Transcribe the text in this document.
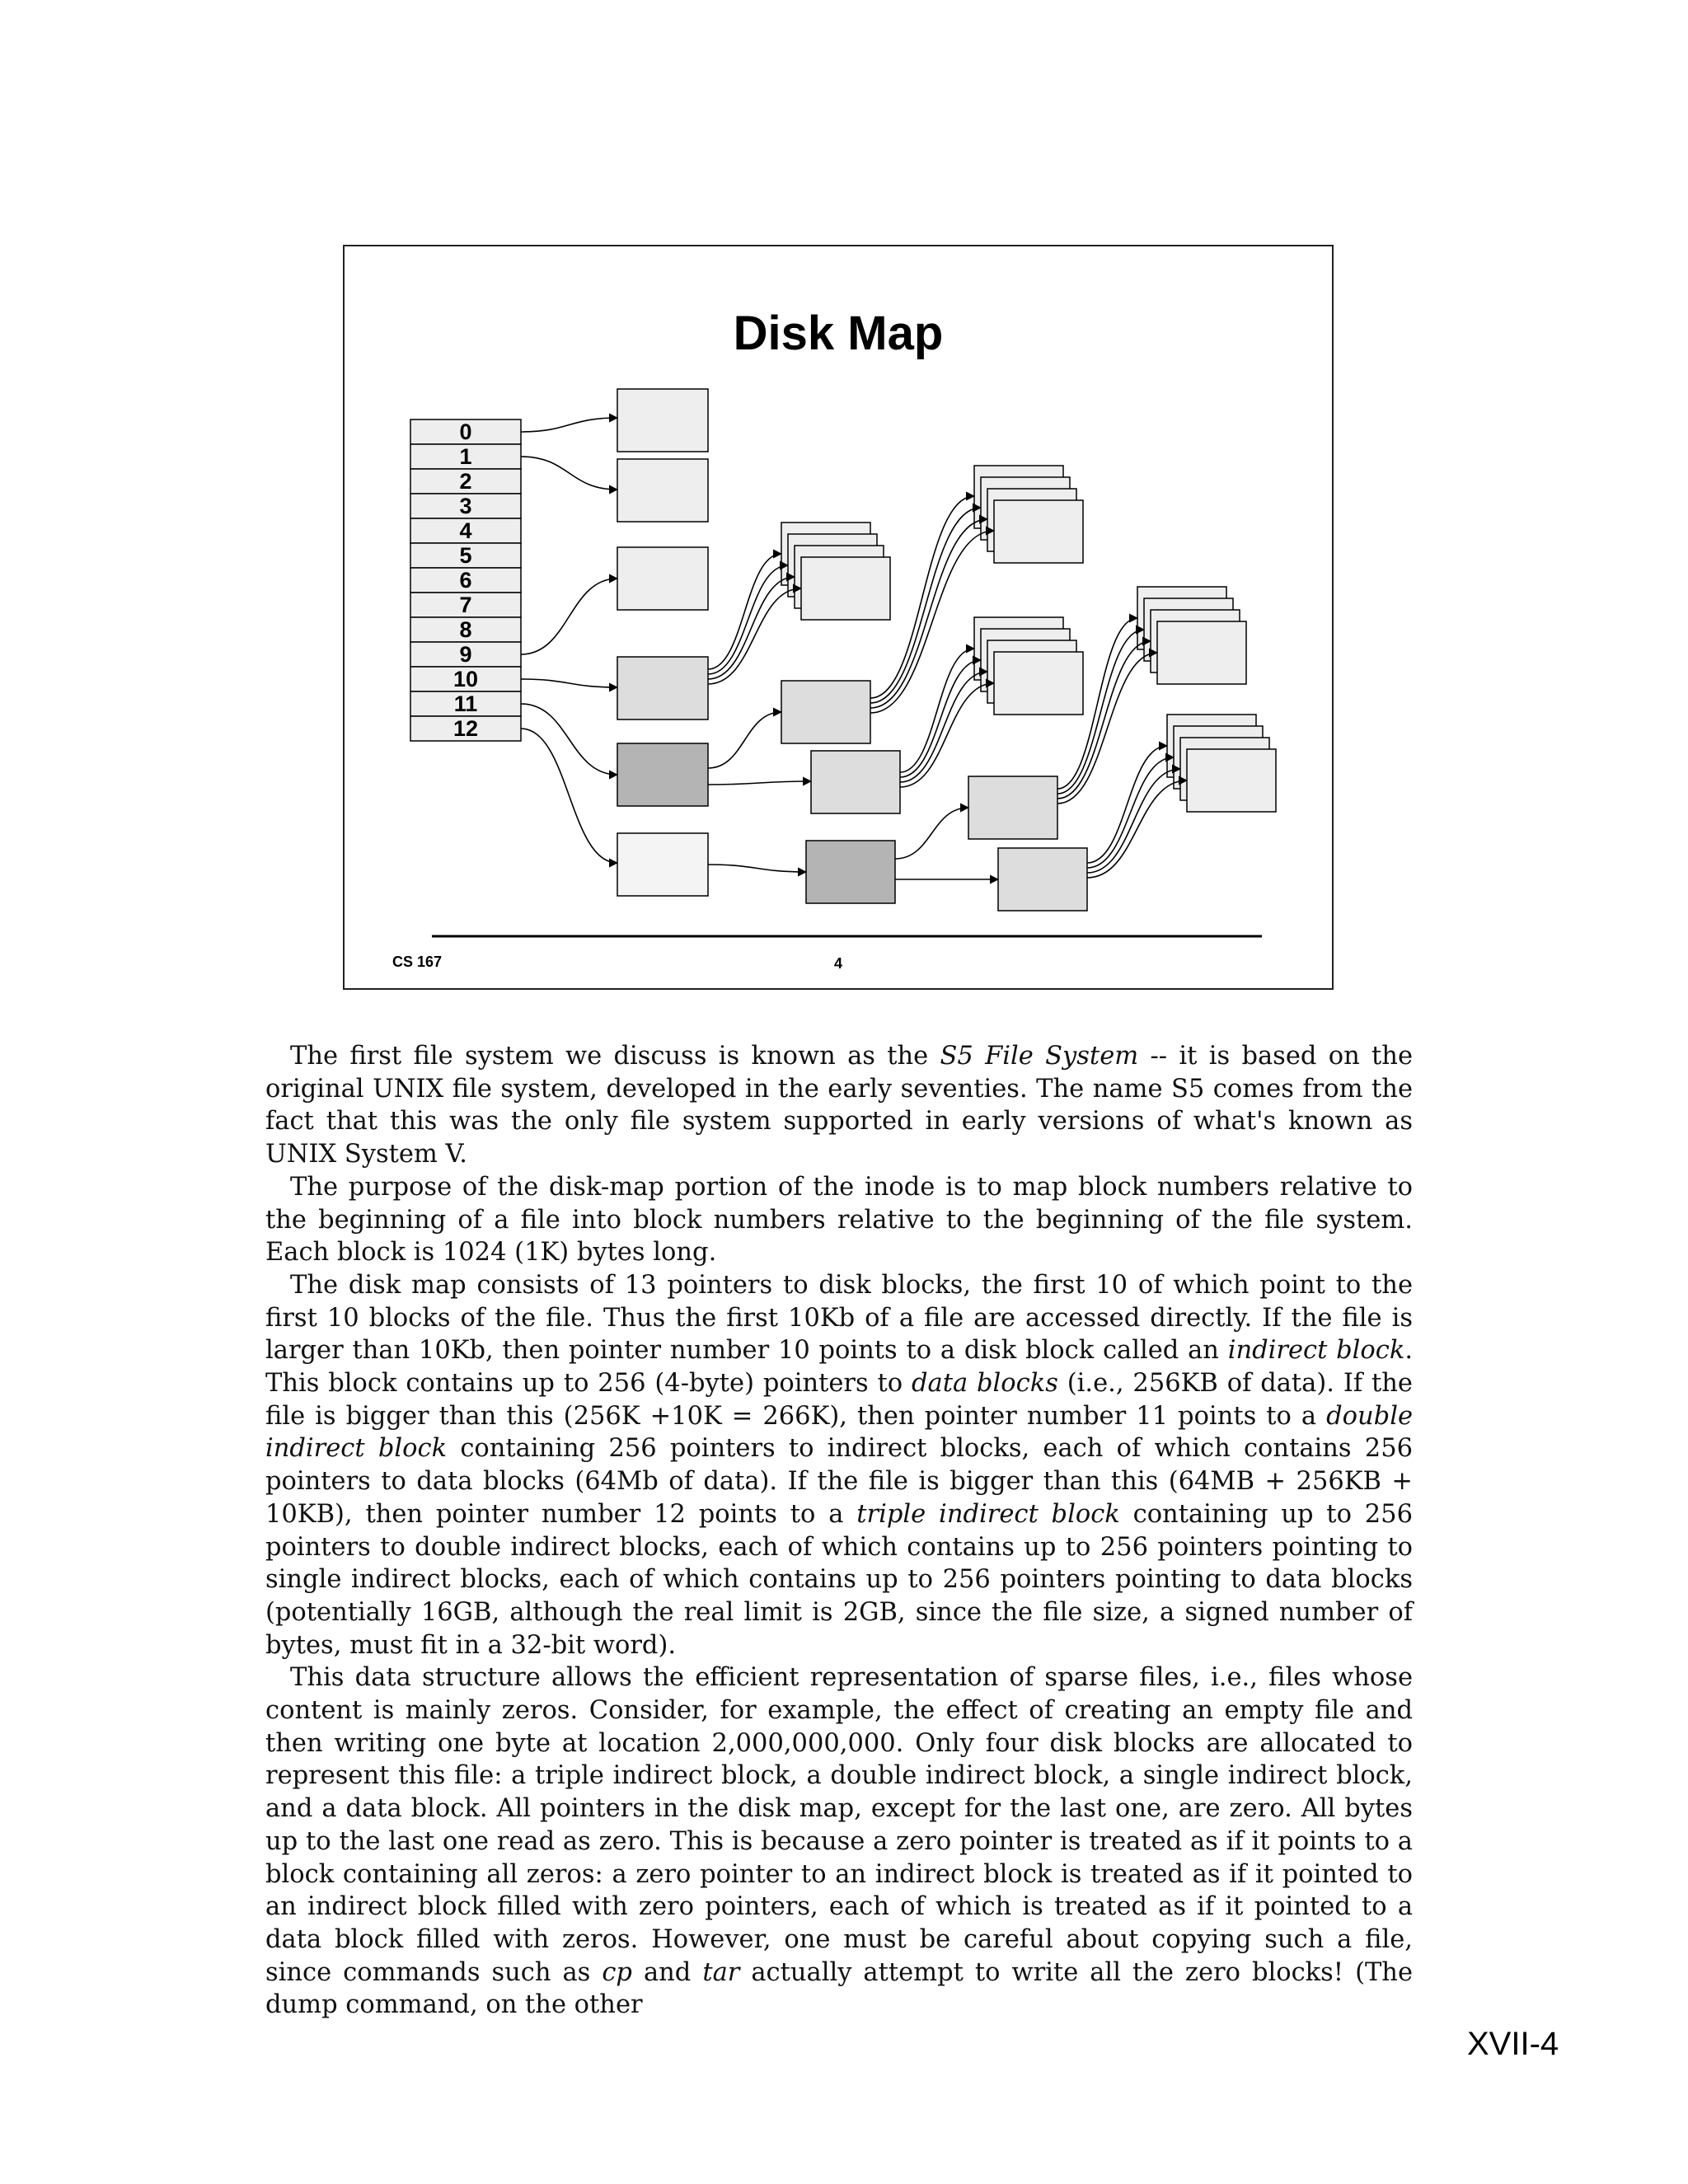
0
1
2
3
4
5
6
7
8
9
10
11
12
Disk Map
CS 167	4

The first file system we discuss is known as the S5 File System -- it is based on the original UNIX file system, developed in the early seventies. The name S5 comes from the fact that this was the only file system supported in early versions of what's known as UNIX System V.

The purpose of the disk-map portion of the inode is to map block numbers relative to the beginning of a file into block numbers relative to the beginning of the file system. Each block is 1024 (1K) bytes long.

The disk map consists of 13 pointers to disk blocks, the first 10 of which point to the first 10 blocks of the file. Thus the first 10Kb of a file are accessed directly. If the file is larger than 10Kb, then pointer number 10 points to a disk block called an indirect block. This block contains up to 256 (4-byte) pointers to data blocks (i.e., 256KB of data). If the file is bigger than this (256K +10K = 266K), then pointer number 11 points to a double indirect block containing 256 pointers to indirect blocks, each of which contains 256 pointers to data blocks (64Mb of data). If the file is bigger than this (64MB + 256KB + 10KB), then pointer number 12 points to a triple indirect block containing up to 256 pointers to double indirect blocks, each of which contains up to 256 pointers pointing to single indirect blocks, each of which contains up to 256 pointers pointing to data blocks (potentially 16GB, although the real limit is 2GB, since the file size, a signed number of bytes, must fit in a 32-bit word).

This data structure allows the efficient representation of sparse files, i.e., files whose content is mainly zeros. Consider, for example, the effect of creating an empty file and then writing one byte at location 2,000,000,000. Only four disk blocks are allocated to represent this file: a triple indirect block, a double indirect block, a single indirect block, and a data block. All pointers in the disk map, except for the last one, are zero. All bytes up to the last one read as zero. This is because a zero pointer is treated as if it points to a block containing all zeros: a zero pointer to an indirect block is treated as if it pointed to an indirect block filled with zero pointers, each of which is treated as if it pointed to a data block filled with zeros. However, one must be careful about copying such a file, since commands such as cp and tar actually attempt to write all the zero blocks! (The dump command, on the other

XVII-4
